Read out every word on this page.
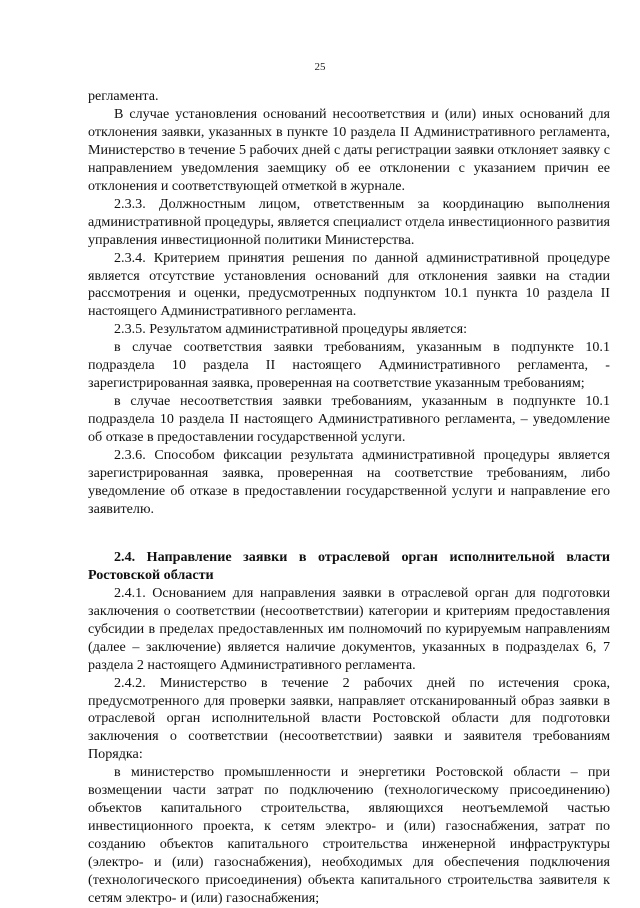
25

регламента.

В случае установления оснований несоответствия и (или) иных оснований для отклонения заявки, указанных в пункте 10 раздела II Административного регламента, Министерство в течение 5 рабочих дней с даты регистрации заявки отклоняет заявку с направлением уведомления заемщику об ее отклонении с указанием причин ее отклонения и соответствующей отметкой в журнале.

2.3.3. Должностным лицом, ответственным за координацию выполнения административной процедуры, является специалист отдела инвестиционного развития управления инвестиционной политики Министерства.

2.3.4. Критерием принятия решения по данной административной процедуре является отсутствие установления оснований для отклонения заявки на стадии рассмотрения и оценки, предусмотренных подпунктом 10.1 пункта 10 раздела II настоящего Административного регламента.

2.3.5. Результатом административной процедуры является:

в случае соответствия заявки требованиям, указанным в подпункте 10.1 подраздела 10 раздела II настоящего Административного регламента, - зарегистрированная заявка, проверенная на соответствие указанным требованиям;

в случае несоответствия заявки требованиям, указанным в подпункте 10.1 подраздела 10 раздела II настоящего Административного регламента, – уведомление об отказе в предоставлении государственной услуги.

2.3.6. Способом фиксации результата административной процедуры является зарегистрированная заявка, проверенная на соответствие требованиям, либо уведомление об отказе в предоставлении государственной услуги и направление его заявителю.

2.4. Направление заявки в отраслевой орган исполнительной власти Ростовской области

2.4.1. Основанием для направления заявки в отраслевой орган для подготовки заключения о соответствии (несоответствии) категории и критериям предоставления субсидии в пределах предоставленных им полномочий по курируемым направлениям (далее – заключение) является наличие документов, указанных в подразделах 6, 7 раздела 2 настоящего Административного регламента.

2.4.2. Министерство в течение 2 рабочих дней по истечения срока, предусмотренного для проверки заявки, направляет отсканированный образ заявки в отраслевой орган исполнительной власти Ростовской области для подготовки заключения о соответствии (несоответствии) заявки и заявителя требованиям Порядка:

в министерство промышленности и энергетики Ростовской области – при возмещении части затрат по подключению (технологическому присоединению) объектов капитального строительства, являющихся неотъемлемой частью инвестиционного проекта, к сетям электро- и (или) газоснабжения, затрат по созданию объектов капитального строительства инженерной инфраструктуры (электро- и (или) газоснабжения), необходимых для обеспечения подключения (технологического присоединения) объекта капитального строительства заявителя к сетям электро- и (или) газоснабжения;
